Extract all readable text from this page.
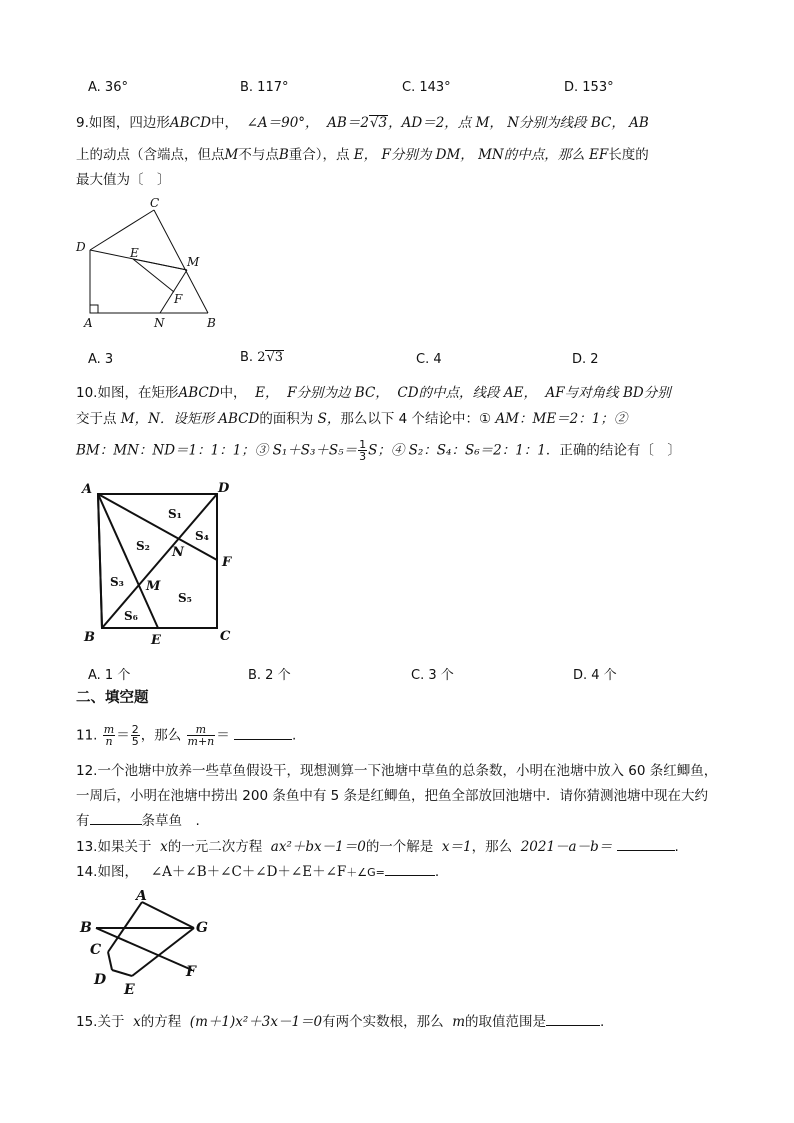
A. 36°	B. 117°	C. 143°	D. 153°
9.如图，四边形ABCD中， ∠A＝90°， AB＝2√3，AD＝2，点 M， N分别为线段 BC， AB
上的动点（含端点，但点M不与点B重合），点 E， F分别为 DM， MN的中点，那么 EF长度的
最大值为〔　〕
D
C
E
M
F
A	N	B
A. 3	B. 2√3	C. 4	D. 2
10.如图，在矩形ABCD中， E， F分别为边 BC， CD的中点，线段 AE， AF与对角线 BD分别
交于点 M，N．设矩形 ABCD的面积为 S，那么以下 4 个结论中：① AM：ME＝2：1；②
BM：MN：ND＝1：1：1；③ $S_1+S_3+S_5= \frac{1}{3}$ S；④ S₂：S₄：S₆＝2：1：1．正确的结论有〔　〕
A	D
F
N
M
B	E	C
S₁
S₂
S₄
S₃
S₅
S₆
A. 1 个	B. 2 个	C. 3 个	D. 4 个
二、填空题
11. $\frac{m}{n} = \frac{2}{5}$ ，那么 $\frac{m}{m+n}$ ＝	.
12.一个池塘中放养一些草鱼假设干，现想测算一下池塘中草鱼的总条数，小明在池塘中放入 60 条红鲫鱼，
一周后，小明在池塘中捞出 200 条鱼中有 5 条是红鲫鱼，把鱼全部放回池塘中．请你猜测池塘中现在大约
有	条草鱼　.
13.如果关于 x的一元二次方程 ax²＋bx－1＝0的一个解是 x＝1，那么 2021－a－b＝	.
14.如图， ∠A＋∠B＋∠C＋∠D＋∠E＋∠F＋∠G=	.
A
B	G
C
F
D
E
15.关于 x的方程 (m＋1)x²＋3x－1＝0有两个实数根，那么 m的取值范围是	.
